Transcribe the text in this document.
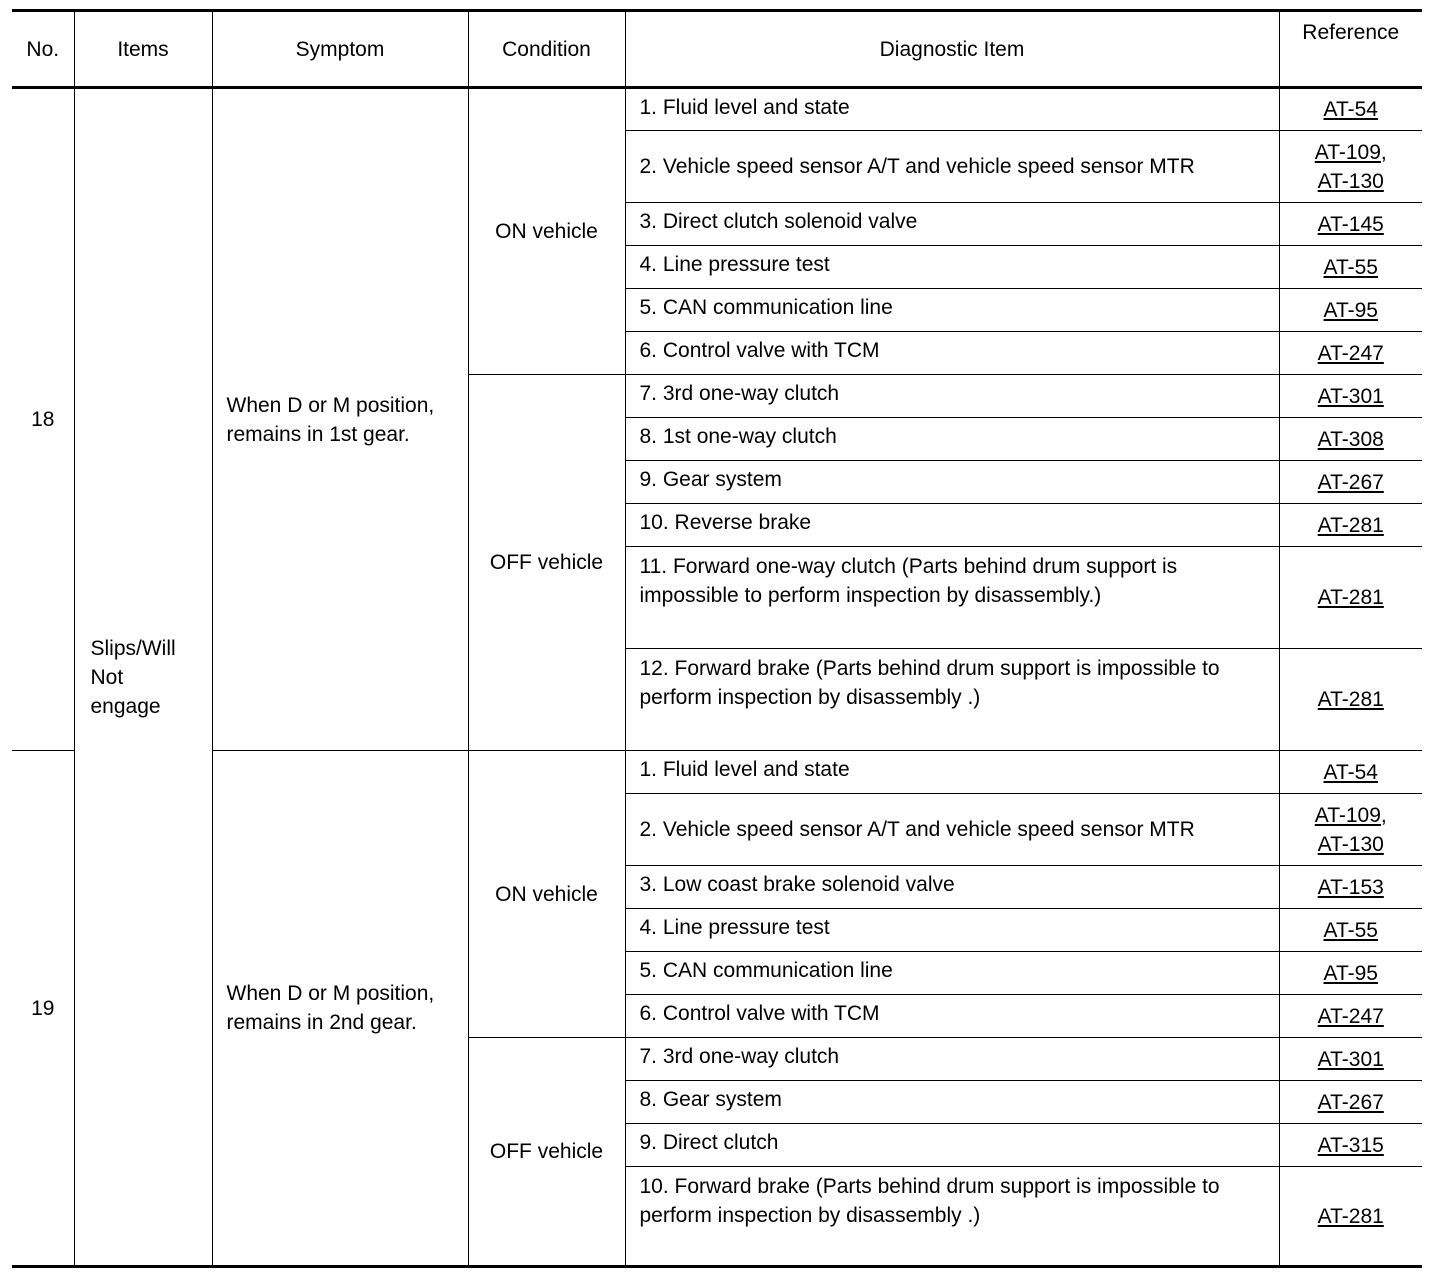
No.	Items	Symptom	Condition	Diagnostic Item	Reference
18	Slips/Will Not engage	When D or M position, remains in 1st gear.	ON vehicle	1. Fluid level and state	AT-54
				2. Vehicle speed sensor A/T and vehicle speed sensor MTR	AT-109,
AT-130
				3. Direct clutch solenoid valve	AT-145
				4. Line pressure test	AT-55
				5. CAN communication line	AT-95
				6. Control valve with TCM	AT-247
			OFF vehicle	7. 3rd one-way clutch	AT-301
				8. 1st one-way clutch	AT-308
				9. Gear system	AT-267
				10. Reverse brake	AT-281
				11. Forward one-way clutch (Parts behind drum support is impossible to perform inspection by disassembly.)	AT-281
				12. Forward brake (Parts behind drum support is impossible to perform inspection by disassembly .)	AT-281
19		When D or M position, remains in 2nd gear.	ON vehicle	1. Fluid level and state	AT-54
				2. Vehicle speed sensor A/T and vehicle speed sensor MTR	AT-109,
AT-130
				3. Low coast brake solenoid valve	AT-153
				4. Line pressure test	AT-55
				5. CAN communication line	AT-95
				6. Control valve with TCM	AT-247
			OFF vehicle	7. 3rd one-way clutch	AT-301
				8. Gear system	AT-267
				9. Direct clutch	AT-315
				10. Forward brake (Parts behind drum support is impossible to perform inspection by disassembly .)	AT-281
